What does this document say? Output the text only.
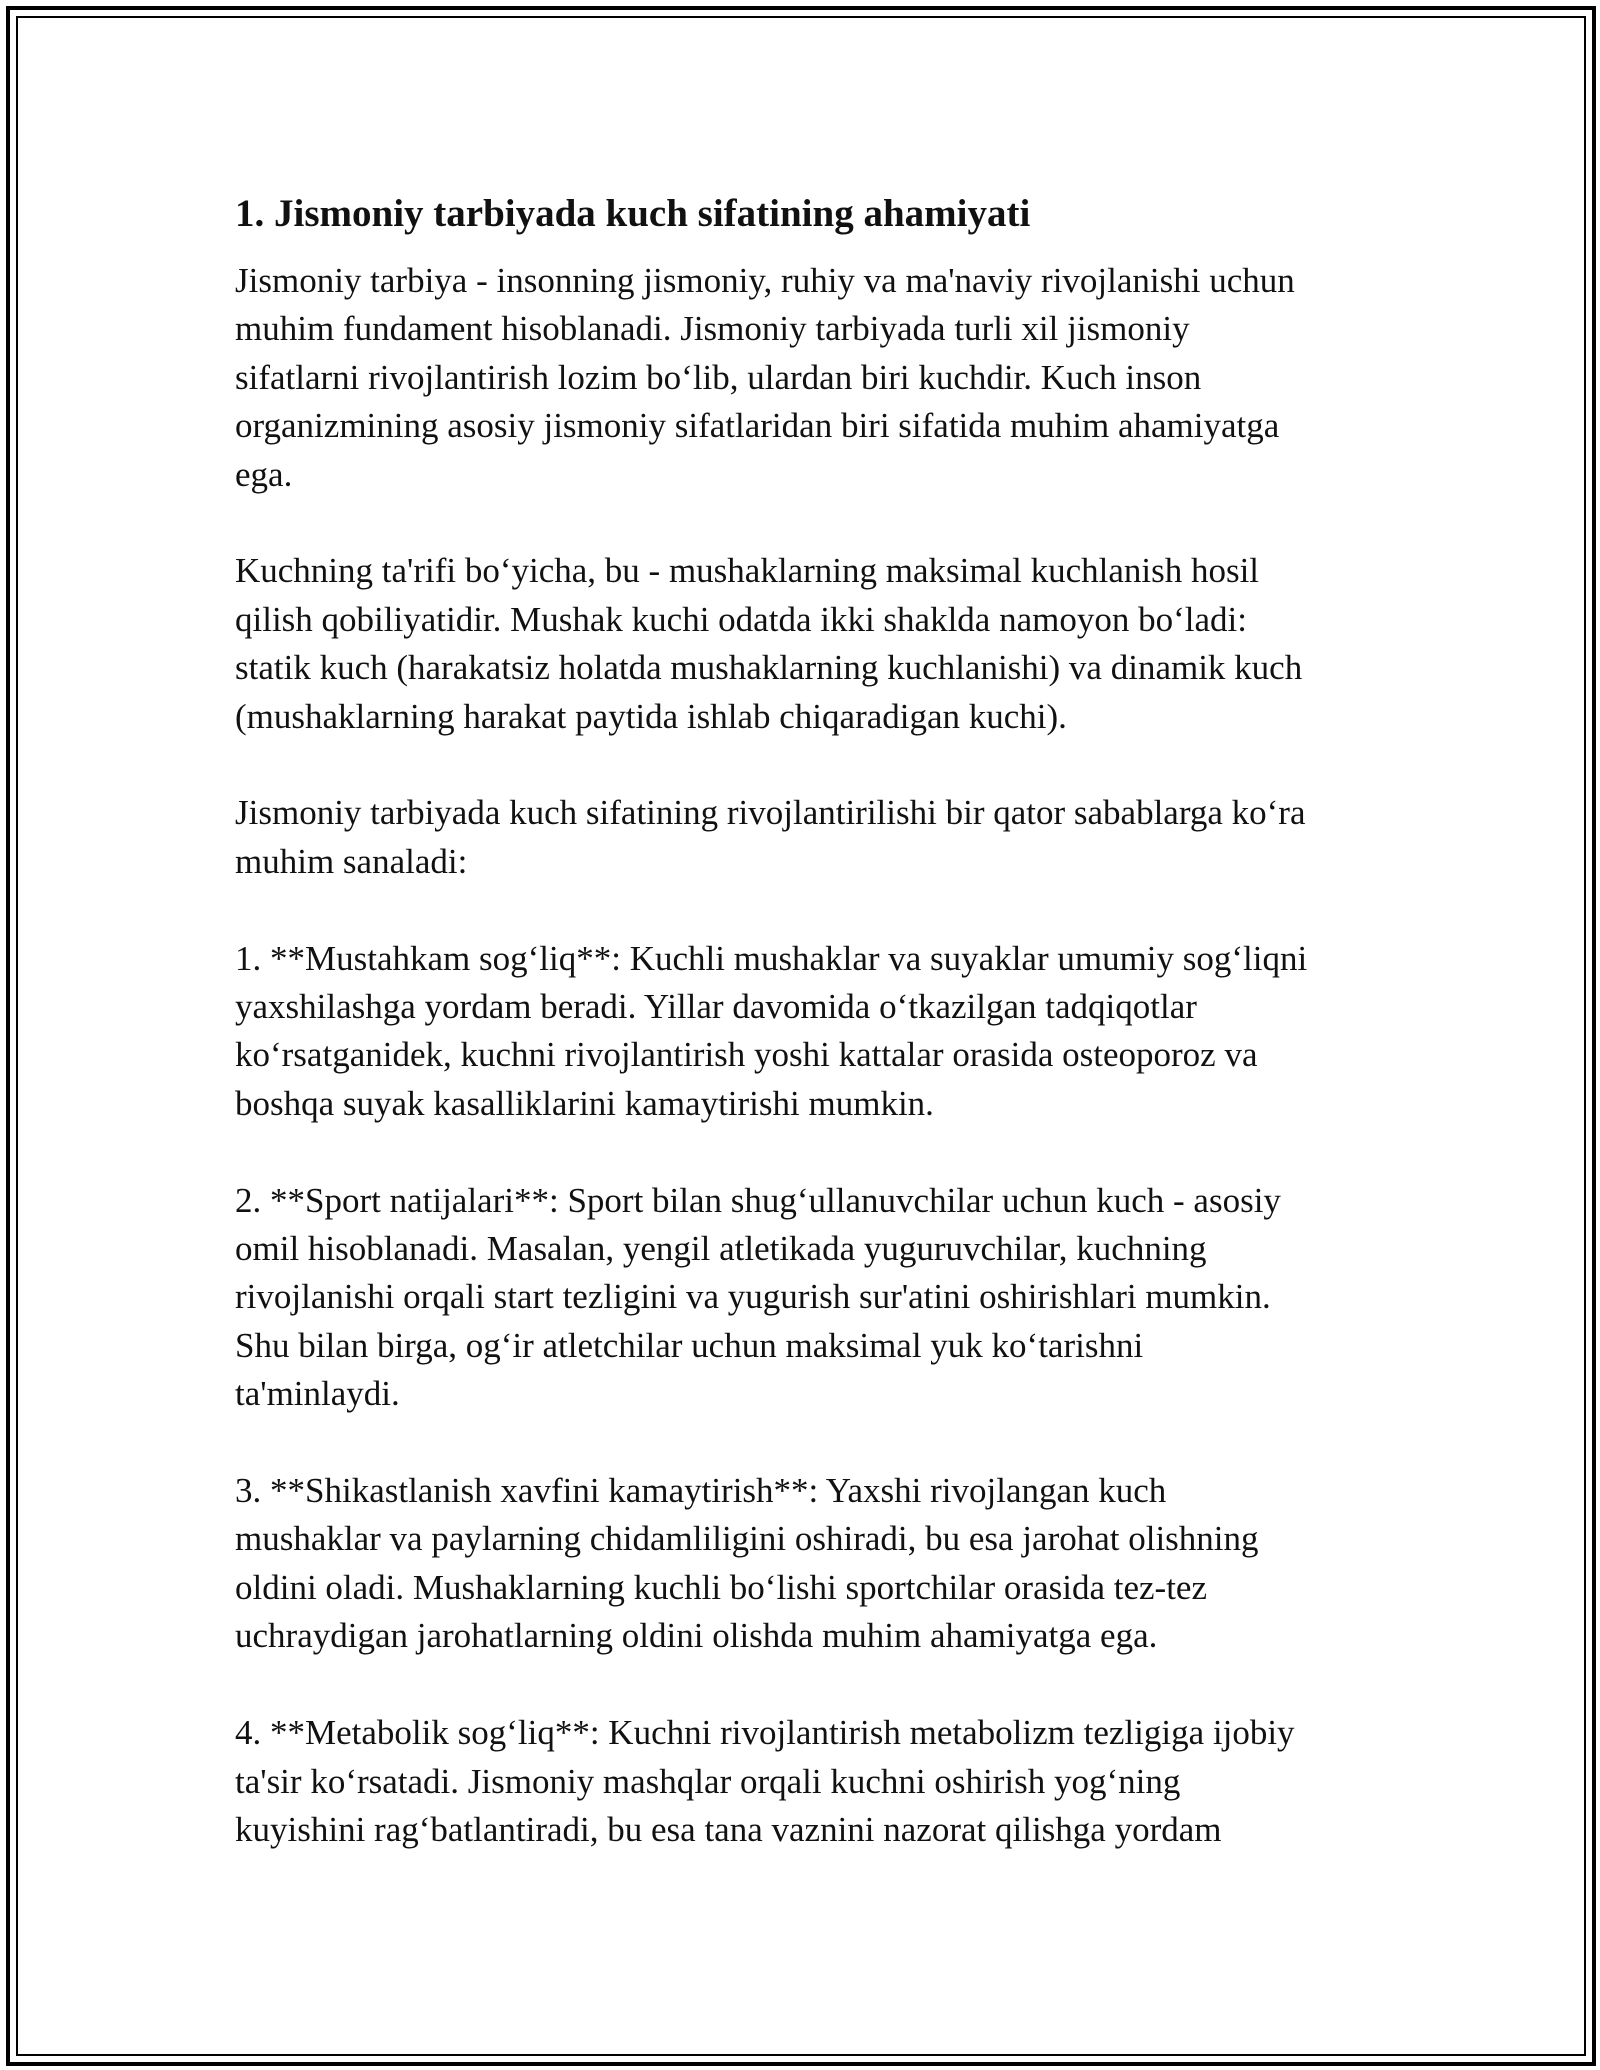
1. Jismoniy tarbiyada kuch sifatining ahamiyati

Jismoniy tarbiya - insonning jismoniy, ruhiy va ma'naviy rivojlanishi uchun
muhim fundament hisoblanadi. Jismoniy tarbiyada turli xil jismoniy
sifatlarni rivojlantirish lozim bo‘lib, ulardan biri kuchdir. Kuch inson
organizmining asosiy jismoniy sifatlaridan biri sifatida muhim ahamiyatga
ega.

Kuchning ta'rifi bo‘yicha, bu - mushaklarning maksimal kuchlanish hosil
qilish qobiliyatidir. Mushak kuchi odatda ikki shaklda namoyon bo‘ladi:
statik kuch (harakatsiz holatda mushaklarning kuchlanishi) va dinamik kuch
(mushaklarning harakat paytida ishlab chiqaradigan kuchi).

Jismoniy tarbiyada kuch sifatining rivojlantirilishi bir qator sabablarga ko‘ra
muhim sanaladi:

1. **Mustahkam sog‘liq**: Kuchli mushaklar va suyaklar umumiy sog‘liqni
yaxshilashga yordam beradi. Yillar davomida o‘tkazilgan tadqiqotlar
ko‘rsatganidek, kuchni rivojlantirish yoshi kattalar orasida osteoporoz va
boshqa suyak kasalliklarini kamaytirishi mumkin.

2. **Sport natijalari**: Sport bilan shug‘ullanuvchilar uchun kuch - asosiy
omil hisoblanadi. Masalan, yengil atletikada yuguruvchilar, kuchning
rivojlanishi orqali start tezligini va yugurish sur'atini oshirishlari mumkin.
Shu bilan birga, og‘ir atletchilar uchun maksimal yuk ko‘tarishni
ta'minlaydi.

3. **Shikastlanish xavfini kamaytirish**: Yaxshi rivojlangan kuch
mushaklar va paylarning chidamliligini oshiradi, bu esa jarohat olishning
oldini oladi. Mushaklarning kuchli bo‘lishi sportchilar orasida tez-tez
uchraydigan jarohatlarning oldini olishda muhim ahamiyatga ega.

4. **Metabolik sog‘liq**: Kuchni rivojlantirish metabolizm tezligiga ijobiy
ta'sir ko‘rsatadi. Jismoniy mashqlar orqali kuchni oshirish yog‘ning
kuyishini rag‘batlantiradi, bu esa tana vaznini nazorat qilishga yordam
